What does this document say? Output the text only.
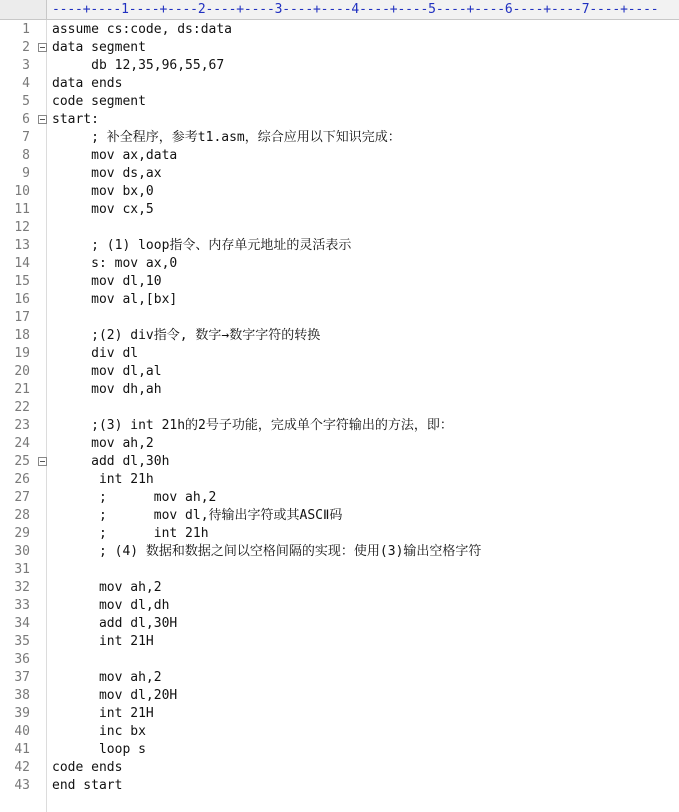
----+----1----+----2----+----3----+----4----+----5----+----6----+----7----+----
1 assume cs:code, ds:data
2 data segment
3 db 12,35,96,55,67
4 data ends
5 code segment
6 start:
7 ; 补全程序，参考t1.asm，综合应用以下知识完成：
8 mov ax,data
9 mov ds,ax
10 mov bx,0
11 mov cx,5
12
13 ; (1) loop指令、内存单元地址的灵活表示
14 s: mov ax,0
15 mov dl,10
16 mov al,[bx]
17
18 ;(2) div指令, 数字→数字字符的转换
19 div dl
20 mov dl,al
21 mov dh,ah
22
23 ;(3) int 21h的2号子功能，完成单个字符输出的方法，即：
24 mov ah,2
25 add dl,30h
26 int 21h
27 ;      mov ah,2
28 ;      mov dl,待输出字符或其ASCⅡ码
29 ;      int 21h
30 ; (4) 数据和数据之间以空格间隔的实现：使用(3)输出空格字符
31
32 mov ah,2
33 mov dl,dh
34 add dl,30H
35 int 21H
36
37 mov ah,2
38 mov dl,20H
39 int 21H
40 inc bx
41 loop s
42 code ends
43 end start
